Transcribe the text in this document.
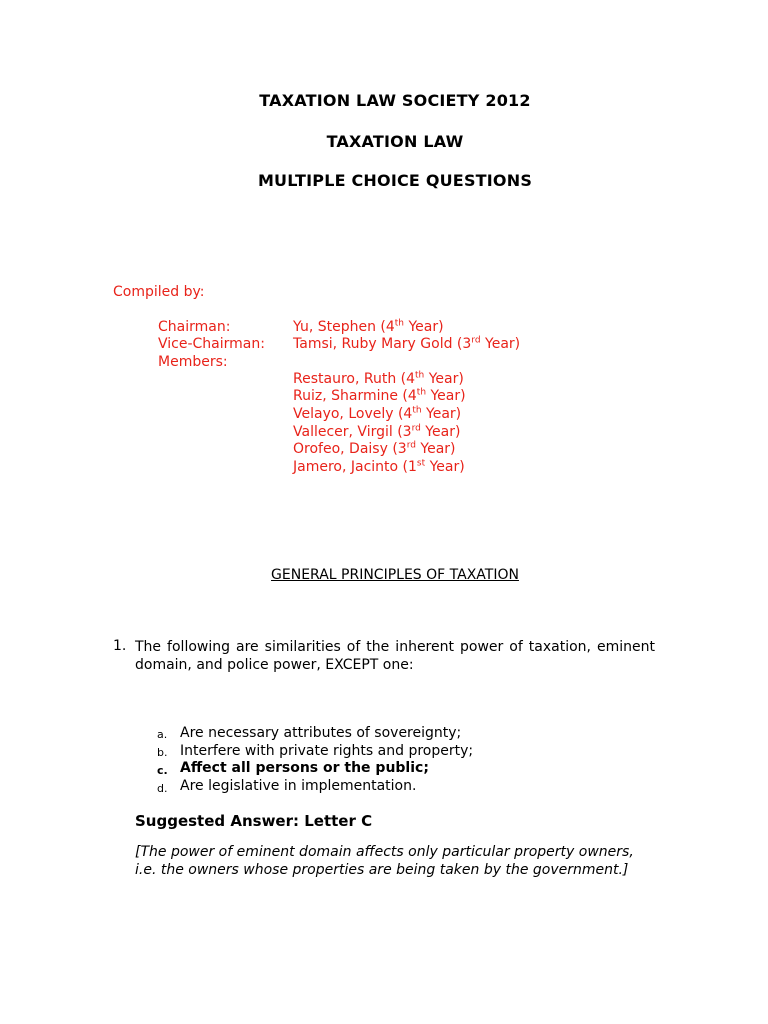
TAXATION LAW SOCIETY 2012
TAXATION LAW
MULTIPLE CHOICE QUESTIONS
Compiled by:
Chairman:	Yu, Stephen (4th Year)
Vice-Chairman: Tamsi, Ruby Mary Gold (3rd Year)
Members:
Restauro, Ruth (4th Year)
Ruiz, Sharmine (4th Year)
Velayo, Lovely (4th Year)
Vallecer, Virgil (3rd Year)
Orofeo, Daisy (3rd Year)
Jamero, Jacinto (1st Year)
GENERAL PRINCIPLES OF TAXATION
1. The following are similarities of the inherent power of taxation, eminent domain, and police power, EXCEPT one:
a. Are necessary attributes of sovereignty;
b. Interfere with private rights and property;
c. Affect all persons or the public;
d. Are legislative in implementation.
Suggested Answer: Letter C
[The power of eminent domain affects only particular property owners, i.e. the owners whose properties are being taken by the government.]
